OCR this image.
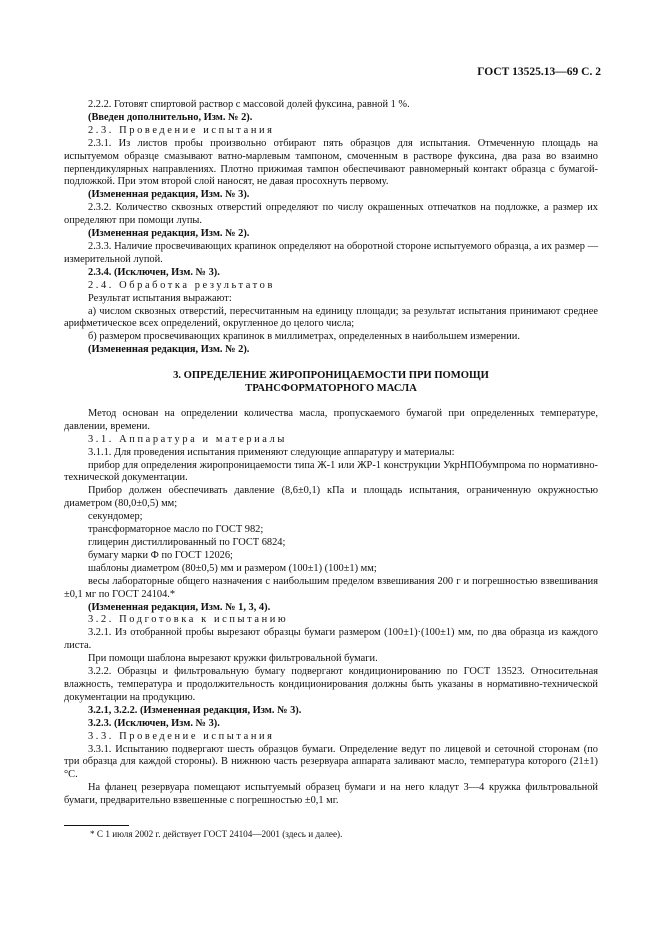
ГОСТ 13525.13—69 С. 2

2.2.2. Готовят спиртовой раствор с массовой долей фуксина, равной 1 %.

(Введен дополнительно, Изм. № 2).

2.3. Проведение испытания

2.3.1. Из листов пробы произвольно отбирают пять образцов для испытания. Отмеченную площадь на испытуемом образце смазывают ватно-марлевым тампоном, смоченным в растворе фуксина, два раза во взаимно перпендикулярных направлениях. Плотно прижимая тампон обеспечивают равномерный контакт образца с бумагой-подложкой. При этом второй слой наносят, не давая просохнуть первому.

(Измененная редакция, Изм. № 3).

2.3.2. Количество сквозных отверстий определяют по числу окрашенных отпечатков на подложке, а размер их определяют при помощи лупы.

(Измененная редакция, Изм. № 2).

2.3.3. Наличие просвечивающих крапинок определяют на оборотной стороне испытуемого образца, а их размер — измерительной лупой.

2.3.4. (Исключен, Изм. № 3).

2.4. Обработка результатов

Результат испытания выражают:

а) числом сквозных отверстий, пересчитанным на единицу площади; за результат испытания принимают среднее арифметическое всех определений, округленное до целого числа;

б) размером просвечивающих крапинок в миллиметрах, определенных в наибольшем измерении.

(Измененная редакция, Изм. № 2).

3. ОПРЕДЕЛЕНИЕ ЖИРОПРОНИЦАЕМОСТИ ПРИ ПОМОЩИ
ТРАНСФОРМАТОРНОГО МАСЛА

Метод основан на определении количества масла, пропускаемого бумагой при определенных температуре, давлении, времени.

3.1. Аппаратура и материалы

3.1.1. Для проведения испытания применяют следующие аппаратуру и материалы:

прибор для определения жиропроницаемости типа Ж-1 или ЖР-1 конструкции УкрНПОбумпрома по нормативно-технической документации.

Прибор должен обеспечивать давление (8,6±0,1) кПа и площадь испытания, ограниченную окружностью диаметром (80,0±0,5) мм;

секундомер;

трансформаторное масло по ГОСТ 982;

глицерин дистиллированный по ГОСТ 6824;

бумагу марки Ф по ГОСТ 12026;

шаблоны диаметром (80±0,5) мм и размером (100±1) (100±1) мм;

весы лабораторные общего назначения с наибольшим пределом взвешивания 200 г и погрешностью взвешивания ±0,1 мг по ГОСТ 24104.*

(Измененная редакция, Изм. № 1, 3, 4).

3.2. Подготовка к испытанию

3.2.1. Из отобранной пробы вырезают образцы бумаги размером (100±1)·(100±1) мм, по два образца из каждого листа.

При помощи шаблона вырезают кружки фильтровальной бумаги.

3.2.2. Образцы и фильтровальную бумагу подвергают кондиционированию по ГОСТ 13523. Относительная влажность, температура и продолжительность кондиционирования должны быть указаны в нормативно-технической документации на продукцию.

3.2.1, 3.2.2. (Измененная редакция, Изм. № 3).

3.2.3. (Исключен, Изм. № 3).

3.3. Проведение испытания

3.3.1. Испытанию подвергают шесть образцов бумаги. Определение ведут по лицевой и сеточной сторонам (по три образца для каждой стороны). В нижнюю часть резервуара аппарата заливают масло, температура которого (21±1) °С.

На фланец резервуара помещают испытуемый образец бумаги и на него кладут 3—4 кружка фильтровальной бумаги, предварительно взвешенные с погрешностью ±0,1 мг.

* С 1 июля 2002 г. действует ГОСТ 24104—2001 (здесь и далее).
